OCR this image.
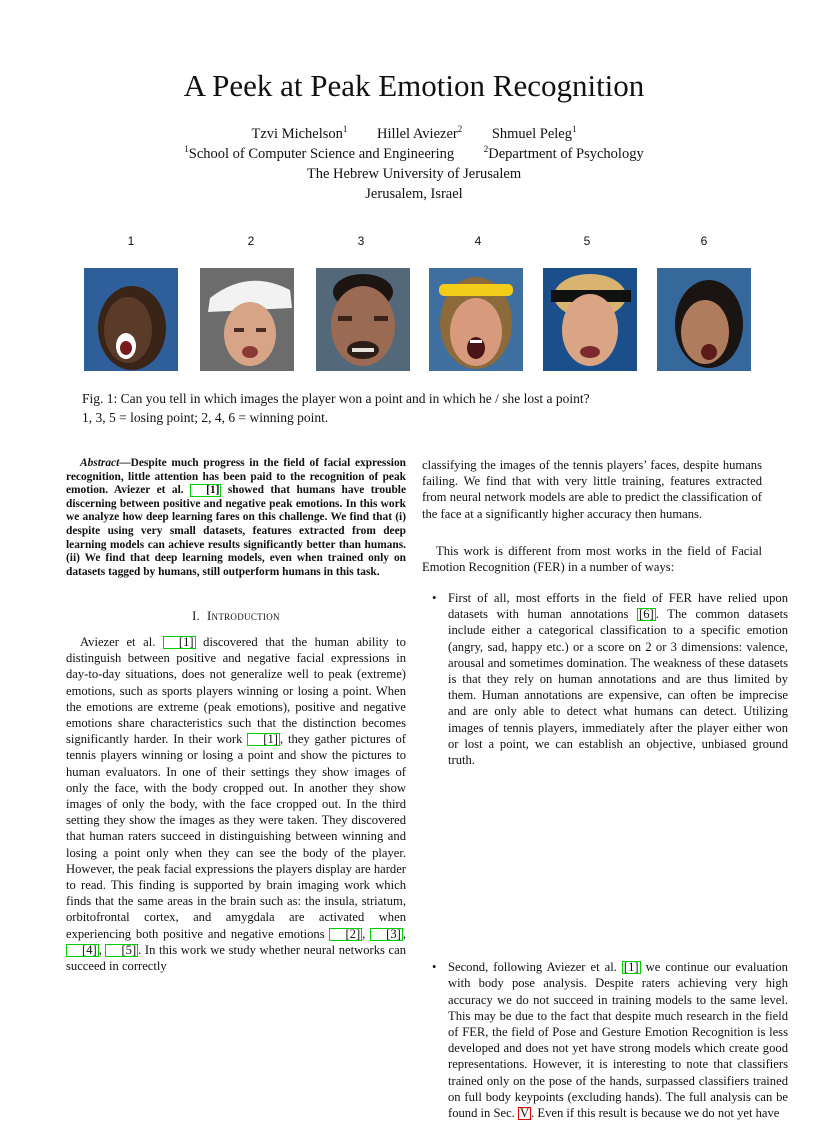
A Peek at Peak Emotion Recognition
Tzvi Michelson$^1$ Hillel Aviezer$^2$ Shmuel Peleg$^1$
$^1$School of Computer Science and Engineering	$^2$Department of Psychology
The Hebrew University of Jerusalem
Jerusalem, Israel
1	2	3	4	5	6
Fig. 1: Can you tell in which images the player won a point and in which he / she lost a point?
1, 3, 5 = losing point; 2, 4, 6 = winning point.
Abstract—Despite much progress in the field of facial expression recognition, little attention has been paid to the recognition of peak emotion. Aviezer et al. [1] showed that humans have trouble discerning between positive and negative peak emotions. In this work we analyze how deep learning fares on this challenge. We find that (i) despite using very small datasets, features extracted from deep learning models can achieve results significantly better than humans. (ii) We find that deep learning models, even when trained only on datasets tagged by humans, still outperform humans in this task.
I. Introduction
Aviezer et al. [1] discovered that the human ability to distinguish between positive and negative facial expressions in day-to-day situations, does not generalize well to peak (extreme) emotions, such as sports players winning or losing a point. When the emotions are extreme (peak emotions), positive and negative emotions share characteristics such that the distinction becomes significantly harder. In their work [1] , they gather pictures of tennis players winning or losing a point and show the pictures to human evaluators. In one of their settings they show images of only the face, with the body cropped out. In another they show images of only the body, with the face cropped out. In the third setting they show the images as they were taken. They discovered that human raters succeed in distinguishing between winning and losing a point only when they can see the body of the player. However, the peak facial expressions the players display are harder to read. This finding is supported by brain imaging work which finds that the same areas in the brain such as: the insula, striatum, orbitofrontal cortex, and amygdala are activated when experiencing both positive and negative emotions [2] , [3] , [4] , [5] . In this work we study whether neural networks can succeed in correctly
classifying the images of the tennis players’ faces, despite humans failing. We find that with very little training, features extracted from neural network models are able to predict the classification of the face at a significantly higher accuracy then humans.
This work is different from most works in the field of Facial Emotion Recognition (FER) in a number of ways:
• First of all, most efforts in the field of FER have relied upon datasets with human annotations [6] . The common datasets include either a categorical classification to a specific emotion (angry, sad, happy etc.) or a score on 2 or 3 dimensions: valence, arousal and sometimes domination. The weakness of these datasets is that they rely on human annotations and are thus limited by them. Human annotations are expensive, can often be imprecise and are only able to detect what humans can detect. Utilizing images of tennis players, immediately after the player either won or lost a point, we can establish an objective, unbiased ground truth.
• Second, following Aviezer et al. [1] we continue our evaluation with body pose analysis. Despite raters achieving very high accuracy we do not succeed in training models to the same level. This may be due to the fact that despite much research in the field of FER, the field of Pose and Gesture Emotion Recognition is less developed and does not yet have strong models which create good representations. However, it is interesting to note that classifiers trained only on the pose of the hands, surpassed classifiers trained on full body keypoints (excluding hands). The full analysis can be found in Sec. V . Even if this result is because we do not yet have
